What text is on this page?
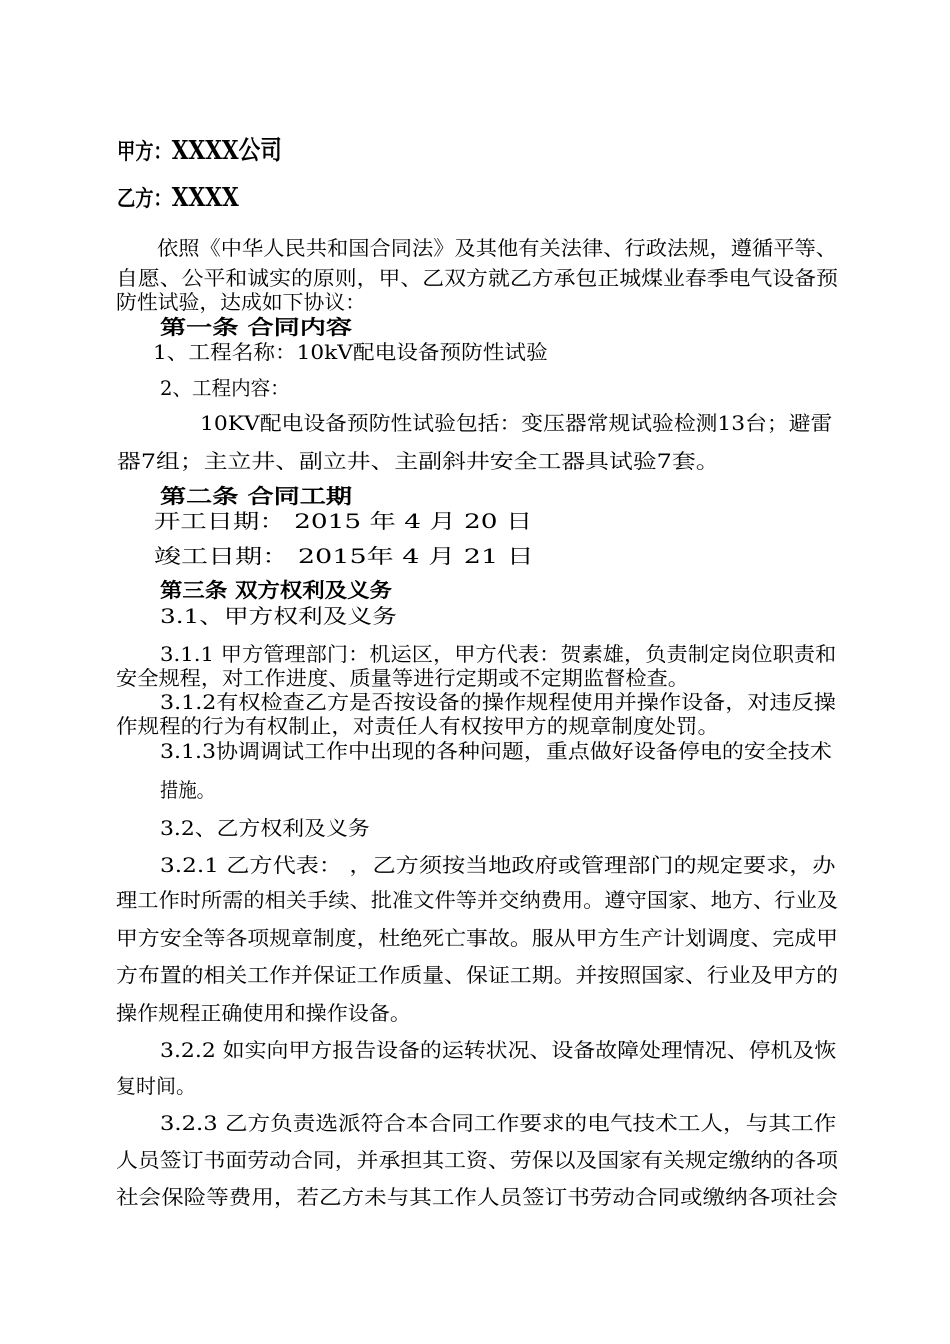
甲方：XXXX公司
乙方：XXXX
依照《中华人民共和国合同法》及其他有关法律、行政法规，遵循平等、
自愿、公平和诚实的原则，甲、乙双方就乙方承包正城煤业春季电气设备预
防性试验，达成如下协议：
第一条 合同内容
1、工程名称：10kV配电设备预防性试验
2、工程内容：
10KV配电设备预防性试验包括：变压器常规试验检测13台；避雷
器7组；主立井、副立井、主副斜井安全工器具试验7套。
第二条 合同工期
开工日期： 2015 年 4 月 20 日
竣工日期： 2015年 4 月 21 日
第三条 双方权利及义务
3.1、甲方权利及义务
3.1.1 甲方管理部门：机运区，甲方代表：贺素雄，负责制定岗位职责和
安全规程，对工作进度、质量等进行定期或不定期监督检查。
3.1.2有权检查乙方是否按设备的操作规程使用并操作设备，对违反操
作规程的行为有权制止，对责任人有权按甲方的规章制度处罚。
3.1.3协调调试工作中出现的各种问题，重点做好设备停电的安全技术
措施。
3.2、乙方权利及义务
3.2.1 乙方代表： ，乙方须按当地政府或管理部门的规定要求，办
理工作时所需的相关手续、批准文件等并交纳费用。遵守国家、地方、行业及
甲方安全等各项规章制度，杜绝死亡事故。服从甲方生产计划调度、完成甲
方布置的相关工作并保证工作质量、保证工期。并按照国家、行业及甲方的
操作规程正确使用和操作设备。
3.2.2 如实向甲方报告设备的运转状况、设备故障处理情况、停机及恢
复时间。
3.2.3 乙方负责选派符合本合同工作要求的电气技术工人，与其工作
人员签订书面劳动合同，并承担其工资、劳保以及国家有关规定缴纳的各项
社会保险等费用，若乙方未与其工作人员签订书劳动合同或缴纳各项社会
